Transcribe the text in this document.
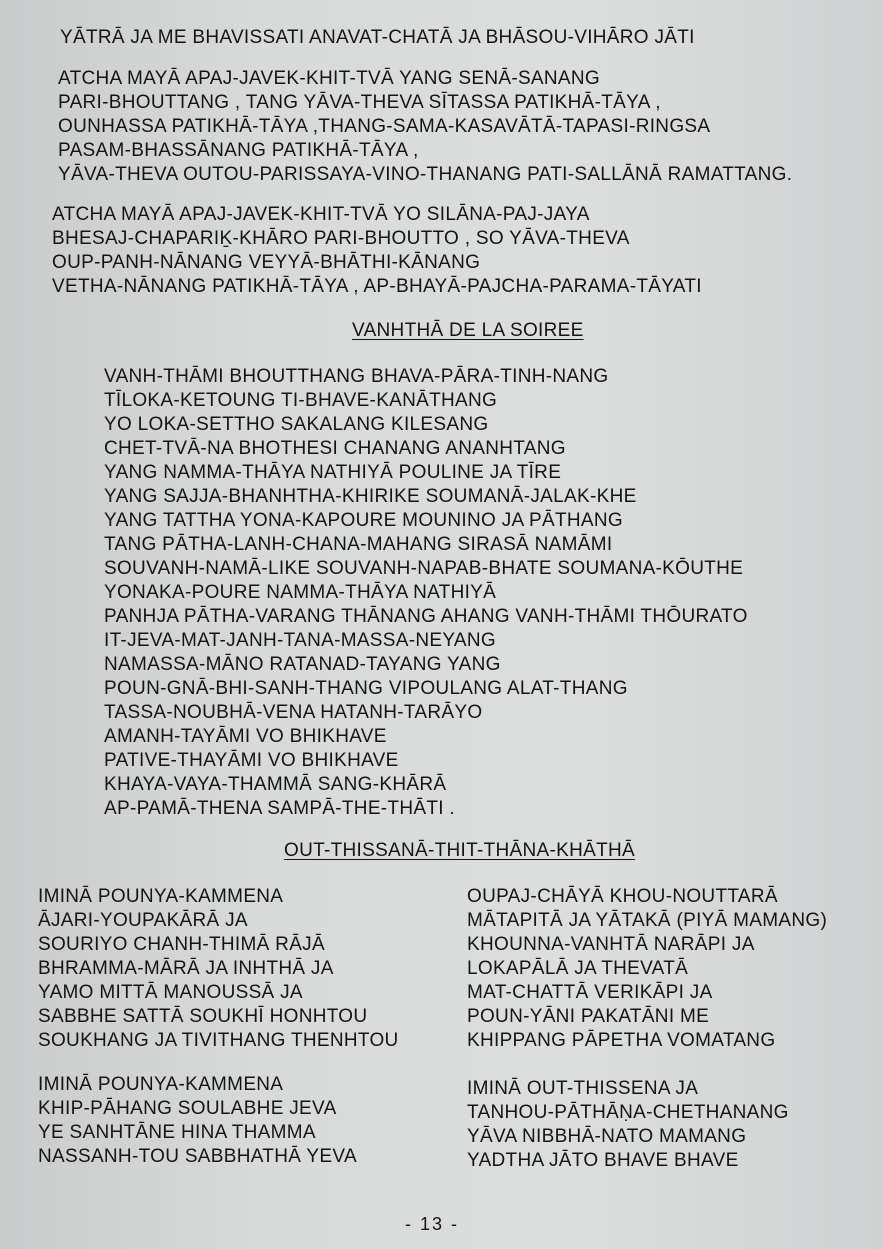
YĀTRĀ JA ME BHAVISSATI ANAVAT-CHATĀ JA BHĀSOU-VIHĀRO JĀTI
ATCHA MAYĀ APAJ-JAVEK-KHIT-TVĀ YANG SENĀ-SANANG
PARI-BHOUTTANG , TANG YĀVA-THEVA SĪTASSA PATIKHĀ-TĀYA ,
OUNHASSA PATIKHĀ-TĀYA ,THANG-SAMA-KASAVĀTĀ-TAPASI-RINGSA
PASAM-BHASSĀNANG PATIKHĀ-TĀYA ,
YĀVA-THEVA OUTOU-PARISSAYA-VINO-THANANG PATI-SALLĀNĀ RAMATTANG.
ATCHA MAYĀ APAJ-JAVEK-KHIT-TVĀ YO SILĀNA-PAJ-JAYA
BHESAJ-CHAPARIḴ-KHĀRO PARI-BHOUTTO , SO YĀVA-THEVA
OUP-PANH-NĀNANG VEYYĀ-BHĀTHI-KĀNANG
VETHA-NĀNANG PATIKHĀ-TĀYA , AP-BHAYĀ-PAJCHA-PARAMA-TĀYATI
VANHTHĀ DE LA SOIREE
VANH-THĀMI BHOUTTHANG BHAVA-PĀRA-TINH-NANG
TĪLOKA-KETOUNG TI-BHAVE-KANĀTHANG
YO LOKA-SETTHO SAKALANG KILESANG
CHET-TVĀ-NA BHOTHESI CHANANG ANANHTANG
YANG NAMMA-THĀYA NATHIYĀ POULINE JA TĪRE
YANG SAJJA-BHANHTHA-KHIRIKE SOUMANĀ-JALAK-KHE
YANG TATTHA YONA-KAPOURE MOUNINO JA PĀTHANG
TANG PĀTHA-LANH-CHANA-MAHANG SIRASĀ NAMĀMI
SOUVANH-NAMĀ-LIKE SOUVANH-NAPAB-BHATE SOUMANA-KŌUTHE
YONAKA-POURE NAMMA-THĀYA NATHIYĀ
PANHJA PĀTHA-VARANG THĀNANG AHANG VANH-THĀMI THŌURATO
IT-JEVA-MAT-JANH-TANA-MASSA-NEYANG
NAMASSA-MĀNO RATANAD-TAYANG YANG
POUN-GNĀ-BHI-SANH-THANG VIPOULANG ALAT-THANG
TASSA-NOUBHĀ-VENA HATANH-TARĀYO
AMANH-TAYĀMI VO BHIKHAVE
PATIVE-THAYĀMI VO BHIKHAVE
KHAYA-VAYA-THAMMĀ SANG-KHĀRĀ
AP-PAMĀ-THENA SAMPĀ-THE-THĀTI .
OUT-THISSANĀ-THIT-THĀNA-KHĀTHĀ
IMINĀ POUNYA-KAMMENA
ĀJARI-YOUPAKĀRĀ JA
SOURIYO CHANH-THIMĀ RĀJĀ
BHRAMMA-MĀRĀ JA INHTHĀ JA
YAMO MITTĀ MANOUSSĀ JA
SABBHE SATTĀ SOUKHĪ HONHTOU
SOUKHANG JA TIVITHANG THENHTOU
OUPAJ-CHĀYĀ KHOU-NOUTTARĀ
MĀTAPITĀ JA YĀTAKĀ (PIYĀ MAMANG)
KHOUNNA-VANHTĀ NARĀPI JA
LOKAPĀLĀ JA THEVATĀ
MAT-CHATTĀ VERIKĀPI JA
POUN-YĀNI PAKATĀNI ME
KHIPPANG PĀPETHA VOMATANG
IMINĀ POUNYA-KAMMENA
KHIP-PĀHANG SOULABHE JEVA
YE SANHTĀNE HINA THAMMA
NASSANH-TOU SABBHATHĀ YEVA
IMINĀ OUT-THISSENA JA
TANHOU-PĀTHĀṆA-CHETHANANG
YĀVA NIBBHĀ-NATO MAMANG
YADTHA JĀTO BHAVE BHAVE
- 13 -
